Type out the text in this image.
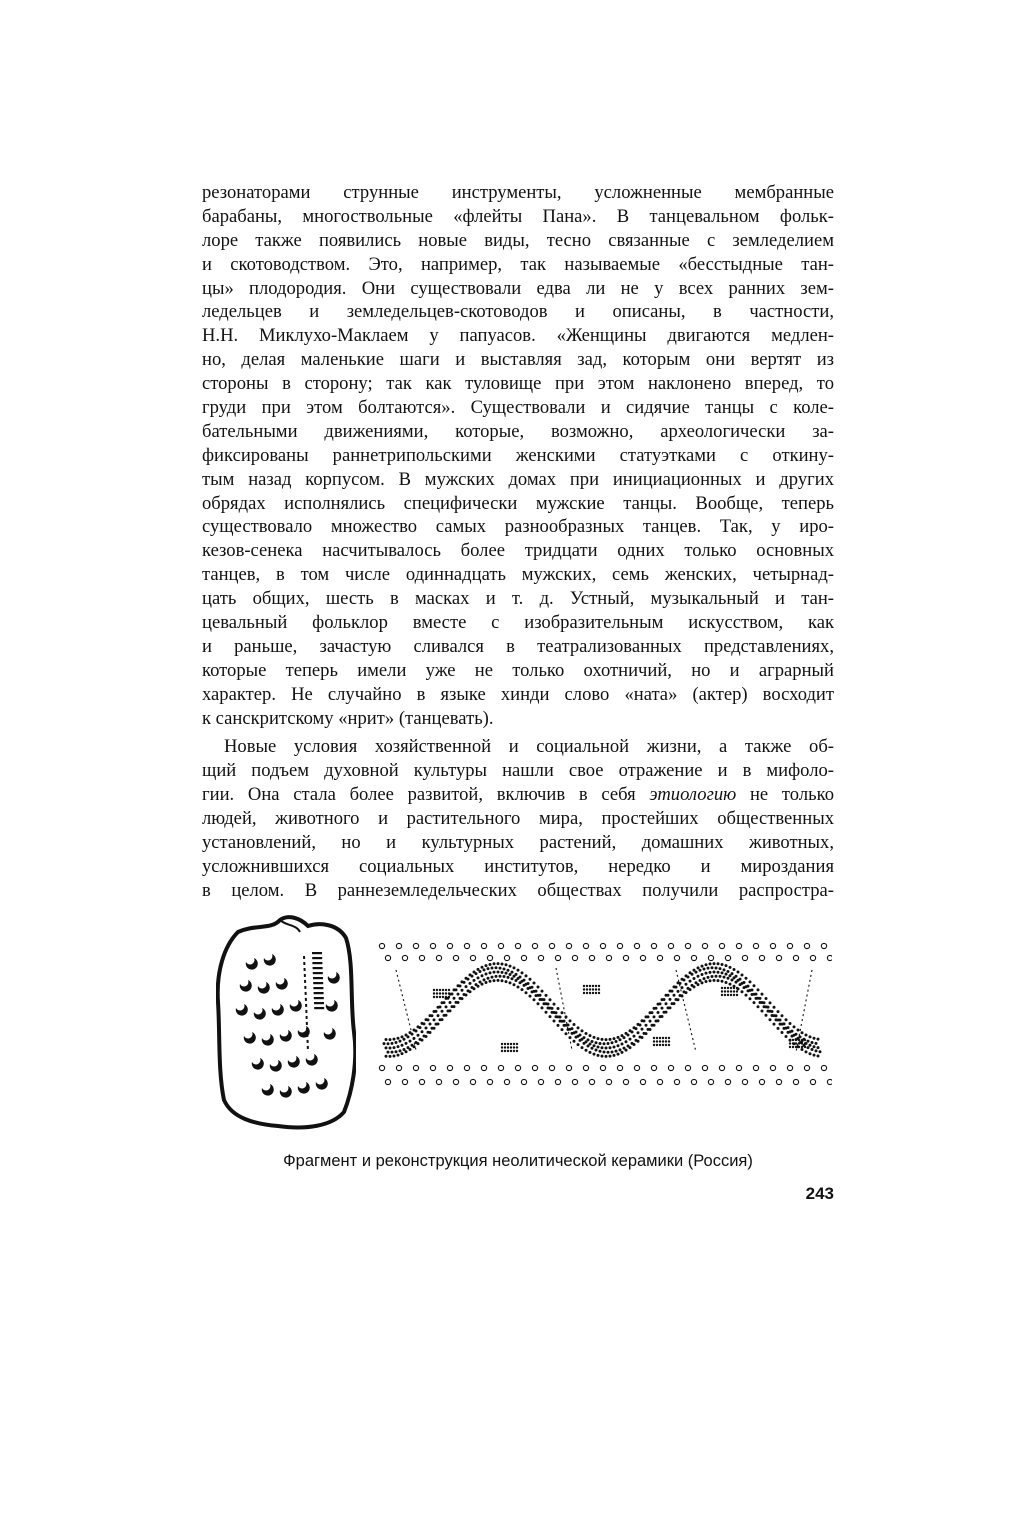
резонаторами струнные инструменты, усложненные мембранные
барабаны, многоствольные «флейты Пана». В танцевальном фольк-
лоре также появились новые виды, тесно связанные с земледелием
и скотоводством. Это, например, так называемые «бесстыдные тан-
цы» плодородия. Они существовали едва ли не у всех ранних зем-
ледельцев и земледельцев-скотоводов и описаны, в частности,
Н.Н. Миклухо-Маклаем у папуасов. «Женщины двигаются медлен-
но, делая маленькие шаги и выставляя зад, которым они вертят из
стороны в сторону; так как туловище при этом наклонено вперед, то
груди при этом болтаются». Существовали и сидячие танцы с коле-
бательными движениями, которые, возможно, археологически за-
фиксированы раннетрипольскими женскими статуэтками с откину-
тым назад корпусом. В мужских домах при инициационных и других
обрядах исполнялись специфически мужские танцы. Вообще, теперь
существовало множество самых разнообразных танцев. Так, у иро-
кезов-сенека насчитывалось более тридцати одних только основных
танцев, в том числе одиннадцать мужских, семь женских, четырнад-
цать общих, шесть в масках и т. д. Устный, музыкальный и тан-
цевальный фольклор вместе с изобразительным искусством, как
и раньше, зачастую сливался в театрализованных представлениях,
которые теперь имели уже не только охотничий, но и аграрный
характер. Не случайно в языке хинди слово «ната» (актер) восходит
к санскритскому «нрит» (танцевать).
Новые условия хозяйственной и социальной жизни, а также об-
щий подъем духовной культуры нашли свое отражение и в мифоло-
гии. Она стала более развитой, включив в себя этиологию не только
людей, животного и растительного мира, простейших общественных
установлений, но и культурных растений, домашних животных,
усложнившихся социальных институтов, нередко и мироздания
в целом. В раннеземледельческих обществах получили распростра-
Фрагмент и реконструкция неолитической керамики (Россия)
243
